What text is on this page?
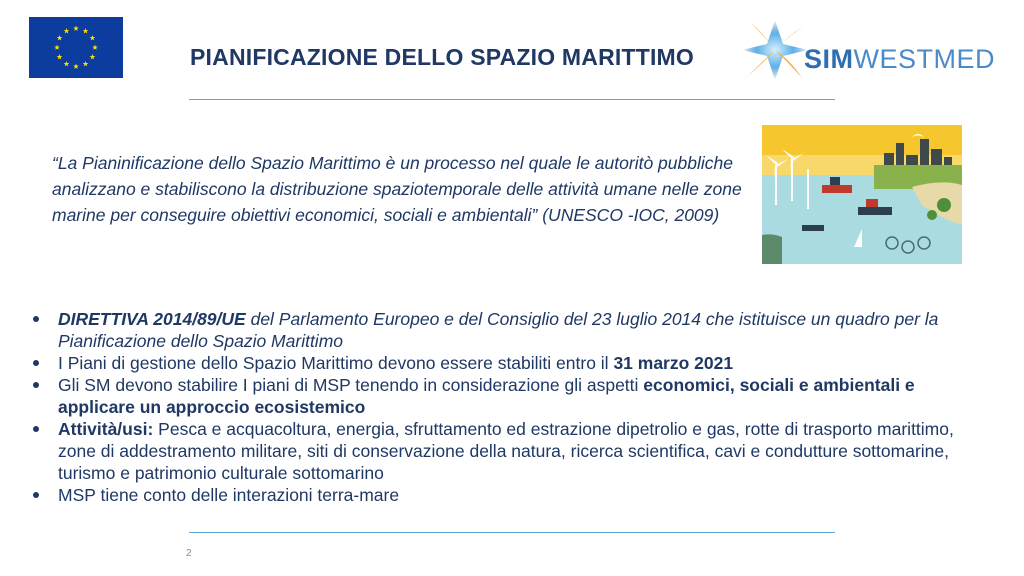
PIANIFICAZIONE DELLO SPAZIO MARITTIMO	SIMWESTMED
“La Pianinificazione dello Spazio Marittimo è un processo nel quale le autoritò pubbliche analizzano e stabiliscono la distribuzione spaziotemporale delle attività umane nelle zone marine per conseguire obiettivi economici, sociali e ambientali” (UNESCO -IOC, 2009)
DIRETTIVA 2014/89/UE del Parlamento Europeo e del Consiglio del 23 luglio 2014 che istituisce un quadro per la Pianificazione dello Spazio Marittimo
I Piani di gestione dello Spazio Marittimo devono essere stabiliti entro il 31 marzo 2021
Gli SM devono stabilire I piani di MSP tenendo in considerazione gli aspetti economici, sociali e ambientali e applicare un approccio ecosistemico
Attività/usi: Pesca e acquacoltura, energia, sfruttamento ed estrazione dipetrolio e gas, rotte di trasporto marittimo, zone di addestramento militare, siti di conservazione della natura, ricerca scientifica, cavi e condutture sottomarine, turismo e patrimonio culturale sottomarino
MSP tiene conto delle interazioni terra-mare
2
